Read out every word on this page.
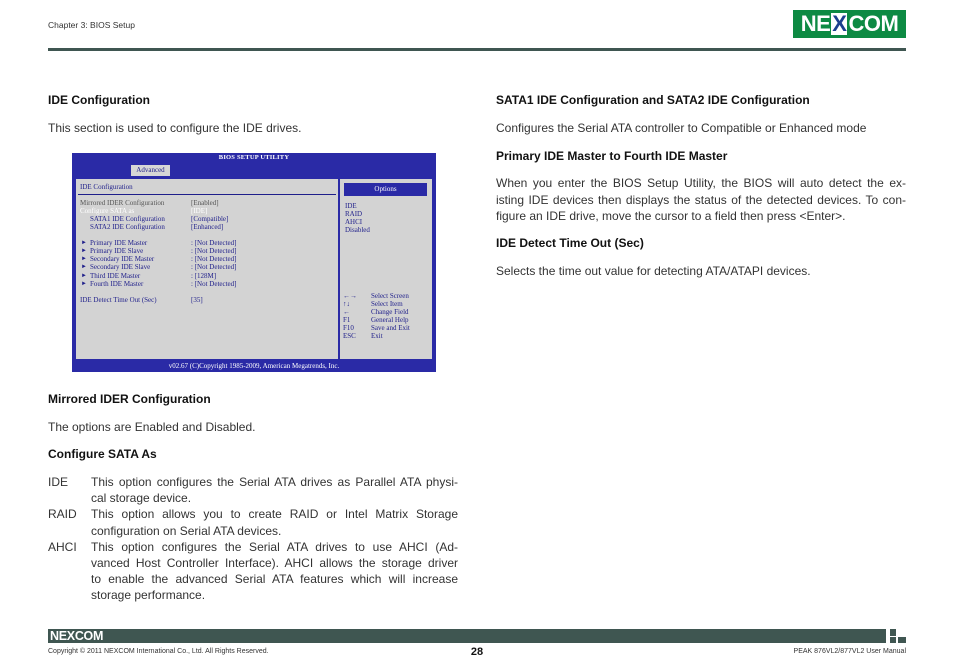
Chapter 3: BIOS Setup	NE X COM
IDE Configuration
This section is used to configure the IDE drives.
BIOS SETUP UTILITY
Advanced
IDE Configuration
Mirrored IDER Configuration	[Enabled]
Configure SATA as	[IDE]
SATA1 IDE Configuration	[Compatible]
SATA2 IDE Configuration	[Enhanced]
► Primary IDE Master	: [Not Detected]
► Primary IDE Slave	: [Not Detected]
► Secondary IDE Master	: [Not Detected]
► Secondary IDE Slave	: [Not Detected]
► Third IDE Master	: [128M]
► Fourth IDE Master	: [Not Detected]
IDE Detect Time Out (Sec)	[35]
Options
IDE
RAID
AHCI
Disabled
←→ Select Screen
↑↓	Select Item
←	Change Field
F1	General Help
F10 Save and Exit
ESC Exit
v02.67 (C)Copyright 1985-2009, American Megatrends, Inc.
Mirrored IDER Configuration
The options are Enabled and Disabled.
Configure SATA As
IDE	This option configures the Serial ATA drives as Parallel ATA physi-
cal storage device.
RAID	This option allows you to create RAID or Intel Matrix Storage
configuration on Serial ATA devices.
AHCI	This option configures the Serial ATA drives to use AHCI (Ad-
vanced Host Controller Interface). AHCI allows the storage driver
to enable the advanced Serial ATA features which will increase
storage performance.
SATA1 IDE Configuration and SATA2 IDE Configuration
Configures the Serial ATA controller to Compatible or Enhanced mode
Primary IDE Master to Fourth IDE Master
When you enter the BIOS Setup Utility, the BIOS will auto detect the ex-
isting IDE devices then displays the status of the detected devices. To con-
figure an IDE drive, move the cursor to a field then press <Enter>.
IDE Detect Time Out (Sec)
Selects the time out value for detecting ATA/ATAPI devices.
NEXCOM
Copyright © 2011 NEXCOM International Co., Ltd. All Rights Reserved.	28	PEAK 876VL2/877VL2 User Manual
